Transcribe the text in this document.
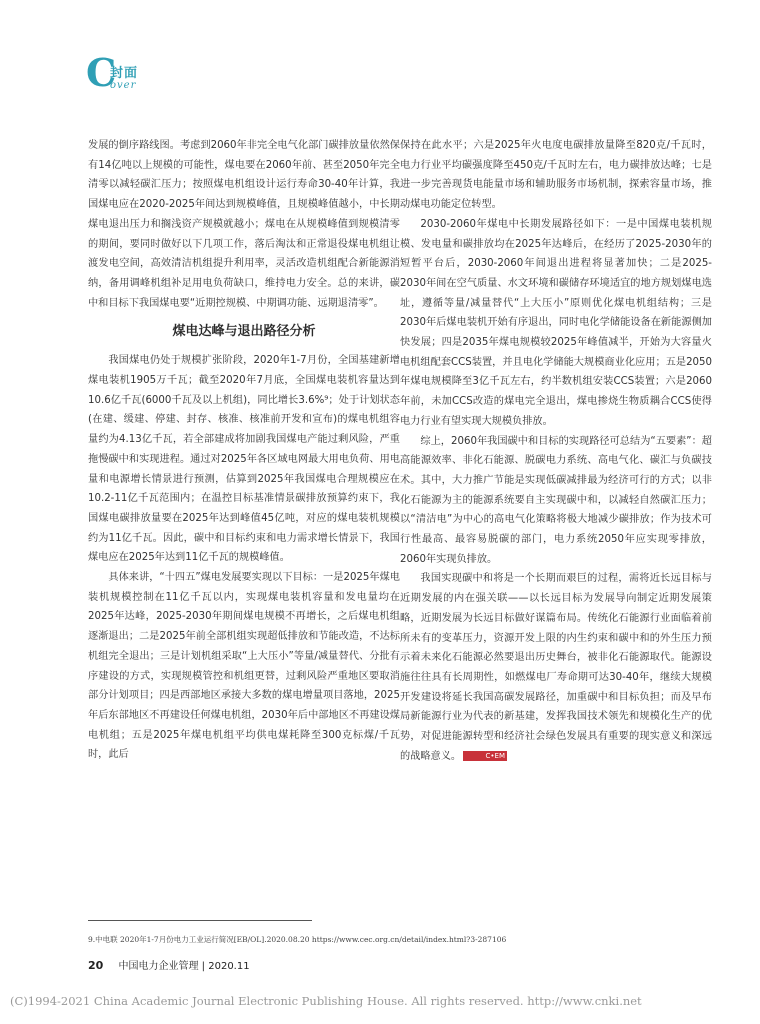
C
封面
over

发展的倒序路线图。考虑到2060年非完全电气化部门碳排放量依然保有14亿吨以上规模的可能性，煤电要在2060年前、甚至2050年完全清零以减轻碳汇压力；按照煤电机组设计运行寿命30-40年计算，我国煤电应在2020-2025年间达到规模峰值，且规模峰值越小，中长期煤电退出压力和搁浅资产规模就越小；煤电在从规模峰值到规模清零的期间，要同时做好以下几项工作，落后淘汰和正常退役煤电机组让渡发电空间，高效清洁机组提升利用率，灵活改造机组配合新能源消纳，备用调峰机组补足用电负荷缺口，维持电力安全。总的来讲，碳中和目标下我国煤电要“近期控规模、中期调功能、远期退清零”。

煤电达峰与退出路径分析

我国煤电仍处于规模扩张阶段，2020年1-7月份，全国基建新增煤电装机1905万千瓦；截至2020年7月底，全国煤电装机容量达到10.6亿千瓦(6000千瓦及以上机组)，同比增长3.6%⁹；处于计划状态(在建、缓建、停建、封存、核准、核准前开发和宣布)的煤电机组容量约为4.13亿千瓦，若全部建成将加剧我国煤电产能过剩风险，严重拖慢碳中和实现进程。通过对2025年各区域电网最大用电负荷、用电量和电源增长情景进行预测，估算到2025年我国煤电合理规模应在10.2-11亿千瓦范围内；在温控目标基准情景碳排放预算约束下，我国煤电碳排放量要在2025年达到峰值45亿吨，对应的煤电装机规模约为11亿千瓦。因此，碳中和目标约束和电力需求增长情景下，我国煤电应在2025年达到11亿千瓦的规模峰值。

具体来讲，“十四五”煤电发展要实现以下目标：一是2025年煤电装机规模控制在11亿千瓦以内，实现煤电装机容量和发电量均在2025年达峰，2025-2030年期间煤电规模不再增长，之后煤电机组逐渐退出；二是2025年前全部机组实现超低排放和节能改造，不达标机组完全退出；三是计划机组采取“上大压小”等量/减量替代、分批有序建设的方式，实现规模管控和机组更替，过剩风险严重地区要取消部分计划项目；四是西部地区承接大多数的煤电增量项目落地，2025年后东部地区不再建设任何煤电机组，2030年后中部地区不再建设煤电机组；五是2025年煤电机组平均供电煤耗降至300克标煤/千瓦时，此后

保持在此水平；六是2025年火电度电碳排放量降至820克/千瓦时，电力行业平均碳强度降至450克/千瓦时左右，电力碳排放达峰；七是进一步完善现货电能量市场和辅助服务市场机制，探索容量市场，推动煤电功能定位转型。

2030-2060年煤电中长期发展路径如下：一是中国煤电装机规模、发电量和碳排放均在2025年达峰后，在经历了2025-2030年的短暂平台后，2030-2060年间退出进程将显著加快；二是2025-2030年间在空气质量、水文环境和碳储存环境适宜的地方规划煤电选址，遵循等量/减量替代“上大压小”原则优化煤电机组结构；三是2030年后煤电装机开始有序退出，同时电化学储能设备在新能源侧加快发展；四是2035年煤电规模较2025年峰值减半，开始为大容量火电机组配套CCS装置，并且电化学储能大规模商业化应用；五是2050年煤电规模降至3亿千瓦左右，约半数机组安装CCS装置；六是2060年前，未加CCS改造的煤电完全退出，煤电掺烧生物质耦合CCS使得电力行业有望实现大规模负排放。

综上，2060年我国碳中和目标的实现路径可总结为“五要素”：超高能源效率、非化石能源、脱碳电力系统、高电气化、碳汇与负碳技术。其中，大力推广节能是实现低碳减排最为经济可行的方式；以非化石能源为主的能源系统要自主实现碳中和，以减轻自然碳汇压力；以“清洁电”为中心的高电气化策略将极大地减少碳排放；作为技术可行性最高、最容易脱碳的部门，电力系统2050年应实现零排放，2060年实现负排放。

我国实现碳中和将是一个长期而艰巨的过程，需将近长远目标与近期发展的内在强关联——以长远目标为发展导向制定近期发展策略，近期发展为长远目标做好谋篇布局。传统化石能源行业面临着前所未有的变革压力，资源开发上限的内生约束和碳中和的外生压力预示着未来化石能源必然要退出历史舞台，被非化石能源取代。能源设施往往具有长周期性，如燃煤电厂寿命期可达30-40年，继续大规模开发建设将延长我国高碳发展路径，加重碳中和目标负担；而及早布局新能源行业为代表的新基建，发挥我国技术领先和规模化生产的优势，对促进能源转型和经济社会绿色发展具有重要的现实意义和深远的战略意义。	C•EM

9.中电联 2020年1-7月份电力工业运行简况[EB/OL].2020.08.20 https://www.cec.org.cn/detail/index.html?3-287106
20 中国电力企业管理 | 2020.11
(C)1994-2021 China Academic Journal Electronic Publishing House. All rights reserved. http://www.cnki.net
